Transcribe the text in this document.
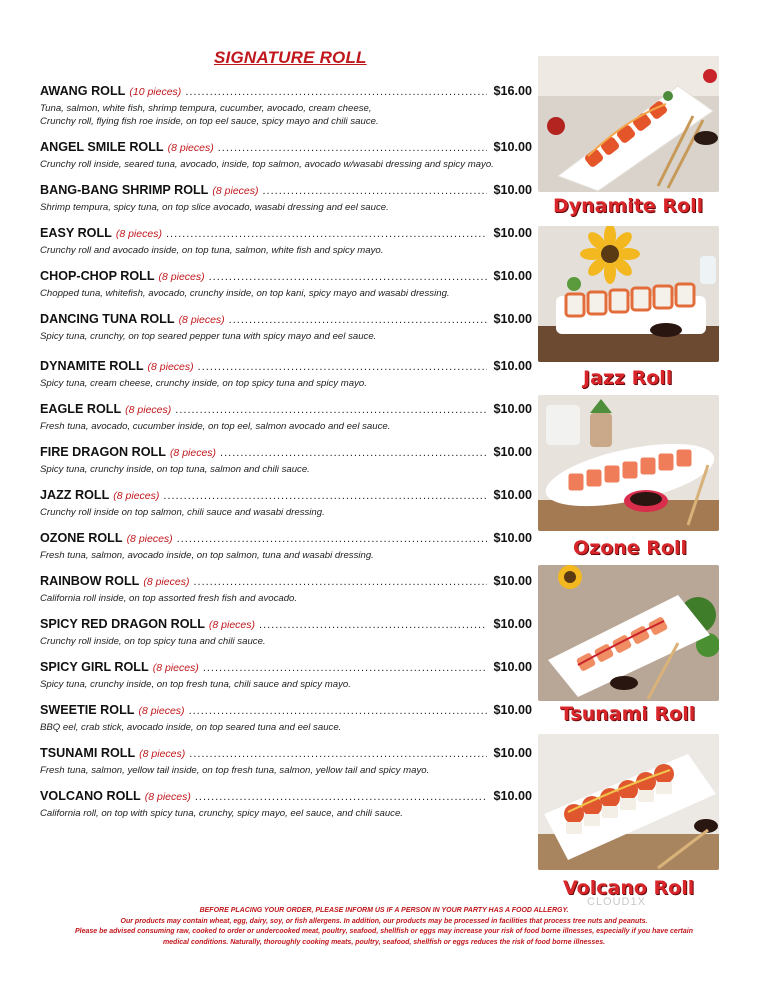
SIGNATURE ROLL
AWANG ROLL (10 pieces) .....	$16.00
Tuna, salmon, white fish, shrimp tempura, cucumber, avocado, cream cheese,
Crunchy roll, flying fish roe inside, on top eel sauce, spicy mayo and chili sauce.
ANGEL SMILE ROLL (8 pieces) .....	$10.00
Crunchy roll inside, seared tuna, avocado, inside, top salmon, avocado w/wasabi dressing and spicy mayo.
BANG-BANG SHRIMP ROLL (8 pieces) .....	$10.00
Shrimp tempura, spicy tuna, on top slice avocado, wasabi dressing and eel sauce.
EASY ROLL (8 pieces) .....	$10.00
Crunchy roll and avocado inside, on top tuna, salmon, white fish and spicy mayo.
CHOP-CHOP ROLL (8 pieces) .....	$10.00
Chopped tuna, whitefish, avocado, crunchy inside, on top kani, spicy mayo and wasabi dressing.
DANCING TUNA ROLL (8 pieces) .....	$10.00
Spicy tuna, crunchy, on top seared pepper tuna with spicy mayo and eel sauce.
DYNAMITE ROLL (8 pieces) .....	$10.00
Spicy tuna, cream cheese, crunchy inside, on top spicy tuna and spicy mayo.
EAGLE ROLL (8 pieces) .....	$10.00
Fresh tuna, avocado, cucumber inside, on top eel, salmon avocado and eel sauce.
FIRE DRAGON ROLL (8 pieces) .....	$10.00
Spicy tuna, crunchy inside, on top tuna, salmon and chili sauce.
JAZZ ROLL (8 pieces) .....	$10.00
Crunchy roll inside on top salmon, chili sauce and wasabi dressing.
OZONE ROLL (8 pieces) .....	$10.00
Fresh tuna, salmon, avocado inside, on top salmon, tuna and wasabi dressing.
RAINBOW ROLL (8 pieces) .....	$10.00
California roll inside, on top assorted fresh fish and avocado.
SPICY RED DRAGON ROLL (8 pieces) .....	$10.00
Crunchy roll inside, on top spicy tuna and chili sauce.
SPICY GIRL ROLL (8 pieces) .....	$10.00
Spicy tuna, crunchy inside, on top fresh tuna, chili sauce and spicy mayo.
SWEETIE ROLL (8 pieces) .....	$10.00
BBQ eel, crab stick, avocado inside, on top seared tuna and eel sauce.
TSUNAMI ROLL (8 pieces) .....	$10.00
Fresh tuna, salmon, yellow tail inside, on top fresh tuna, salmon, yellow tail and spicy mayo.
VOLCANO ROLL (8 pieces) .....	$10.00
California roll, on top with spicy tuna, crunchy, spicy mayo, eel sauce, and chili sauce.
Dynamite Roll
Jazz Roll
Ozone Roll
Tsunami Roll
Volcano Roll
CLOUD1X
BEFORE PLACING YOUR ORDER, PLEASE INFORM US IF A PERSON IN YOUR PARTY HAS A FOOD ALLERGY.
Our products may contain wheat, egg, dairy, soy, or fish allergens. In addition, our products may be processed in facilities that process tree nuts and peanuts.
Please be advised consuming raw, cooked to order or undercooked meat, poultry, seafood, shellfish or eggs may increase your risk of food borne illnesses, especially if you have certain
medical conditions. Naturally, thoroughly cooking meats, poultry, seafood, shellfish or eggs reduces the risk of food borne illnesses.
